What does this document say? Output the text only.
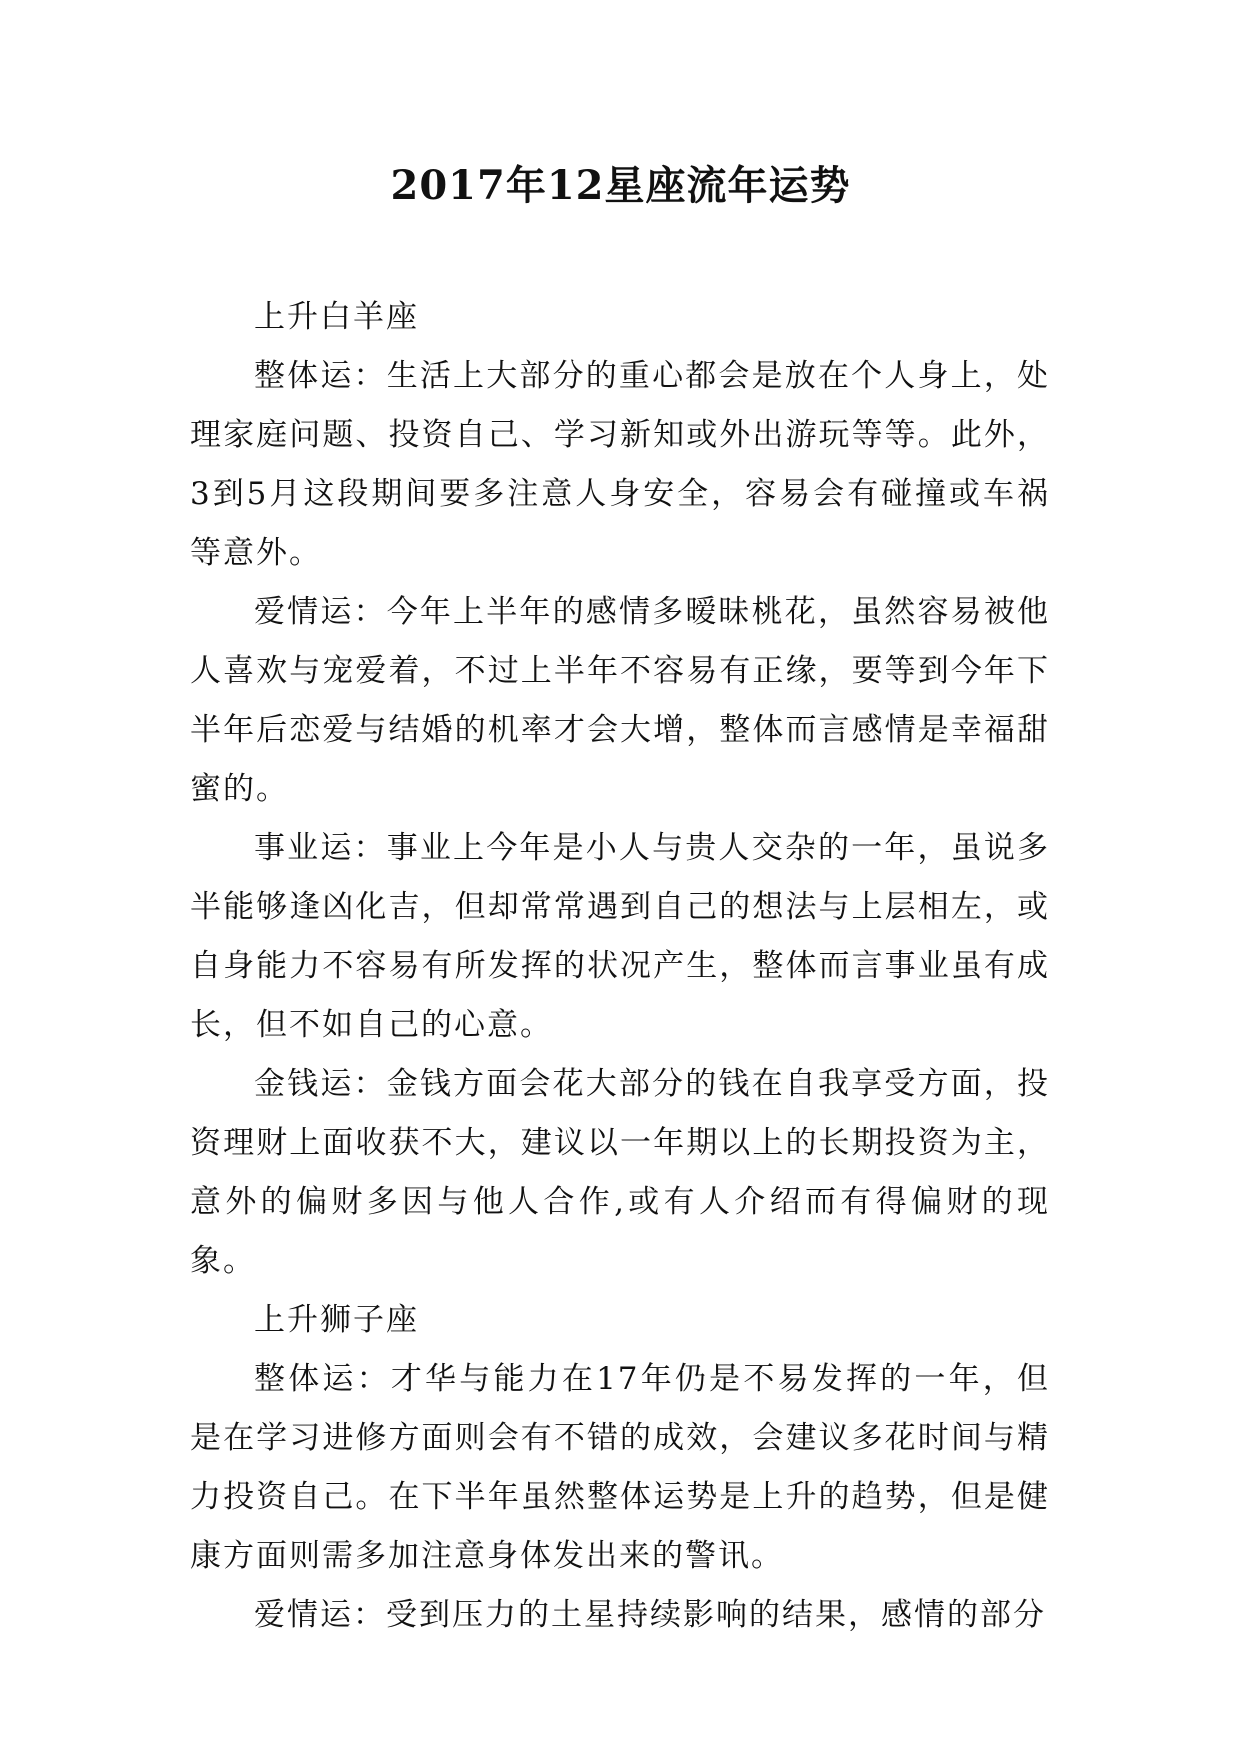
2017年12星座流年运势

上升白羊座

整体运：生活上大部分的重心都会是放在个人身上，处理家庭问题、投资自己、学习新知或外出游玩等等。此外，3到5月这段期间要多注意人身安全，容易会有碰撞或车祸等意外。

爱情运：今年上半年的感情多暧昧桃花，虽然容易被他人喜欢与宠爱着，不过上半年不容易有正缘，要等到今年下半年后恋爱与结婚的机率才会大增，整体而言感情是幸福甜蜜的。

事业运：事业上今年是小人与贵人交杂的一年，虽说多半能够逢凶化吉，但却常常遇到自己的想法与上层相左，或自身能力不容易有所发挥的状况产生，整体而言事业虽有成长，但不如自己的心意。

金钱运：金钱方面会花大部分的钱在自我享受方面，投资理财上面收获不大，建议以一年期以上的长期投资为主，意外的偏财多因与他人合作,或有人介绍而有得偏财的现象。

上升狮子座

整体运：才华与能力在17年仍是不易发挥的一年，但是在学习进修方面则会有不错的成效，会建议多花时间与精力投资自己。在下半年虽然整体运势是上升的趋势，但是健康方面则需多加注意身体发出来的警讯。

爱情运：受到压力的土星持续影响的结果，感情的部分
